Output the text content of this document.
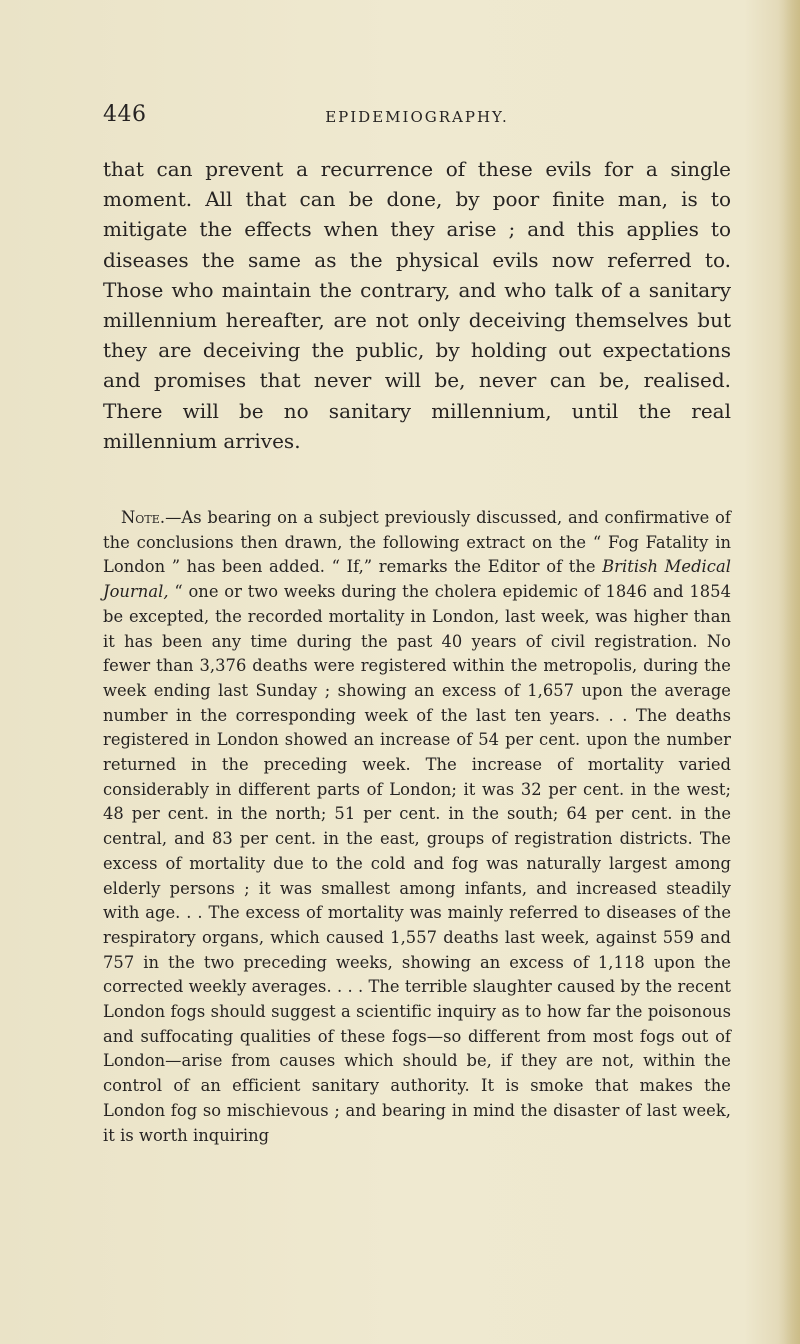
446	EPIDEMIOGRAPHY.

that can prevent a recurrence of these evils for a single moment. All that can be done, by poor finite man, is to mitigate the effects when they arise ; and this applies to diseases the same as the physical evils now referred to. Those who maintain the contrary, and who talk of a sanitary millennium hereafter, are not only deceiving themselves but they are deceiving the public, by holding out expectations and promises that never will be, never can be, realised. There will be no sanitary millennium, until the real millennium arrives.

Note.—As bearing on a subject previously discussed, and confirmative of the conclusions then drawn, the following extract on the “ Fog Fatality in London ” has been added. “ If,” remarks the Editor of the British Medical Journal, “ one or two weeks during the cholera epidemic of 1846 and 1854 be excepted, the recorded mortality in London, last week, was higher than it has been any time during the past 40 years of civil registration. No fewer than 3,376 deaths were registered within the metropolis, during the week ending last Sunday ; showing an excess of 1,657 upon the average number in the corresponding week of the last ten years. . . The deaths registered in London showed an increase of 54 per cent. upon the number returned in the preceding week. The increase of mortality varied considerably in different parts of London; it was 32 per cent. in the west; 48 per cent. in the north; 51 per cent. in the south; 64 per cent. in the central, and 83 per cent. in the east, groups of registration districts. The excess of mortality due to the cold and fog was naturally largest among elderly persons ; it was smallest among infants, and increased steadily with age. . . The excess of mortality was mainly referred to diseases of the respiratory organs, which caused 1,557 deaths last week, against 559 and 757 in the two preceding weeks, showing an excess of 1,118 upon the corrected weekly averages. . . . The terrible slaughter caused by the recent London fogs should suggest a scientific inquiry as to how far the poisonous and suffocating qualities of these fogs—so different from most fogs out of London—arise from causes which should be, if they are not, within the control of an efficient sanitary authority. It is smoke that makes the London fog so mischievous ; and bearing in mind the disaster of last week, it is worth inquiring
